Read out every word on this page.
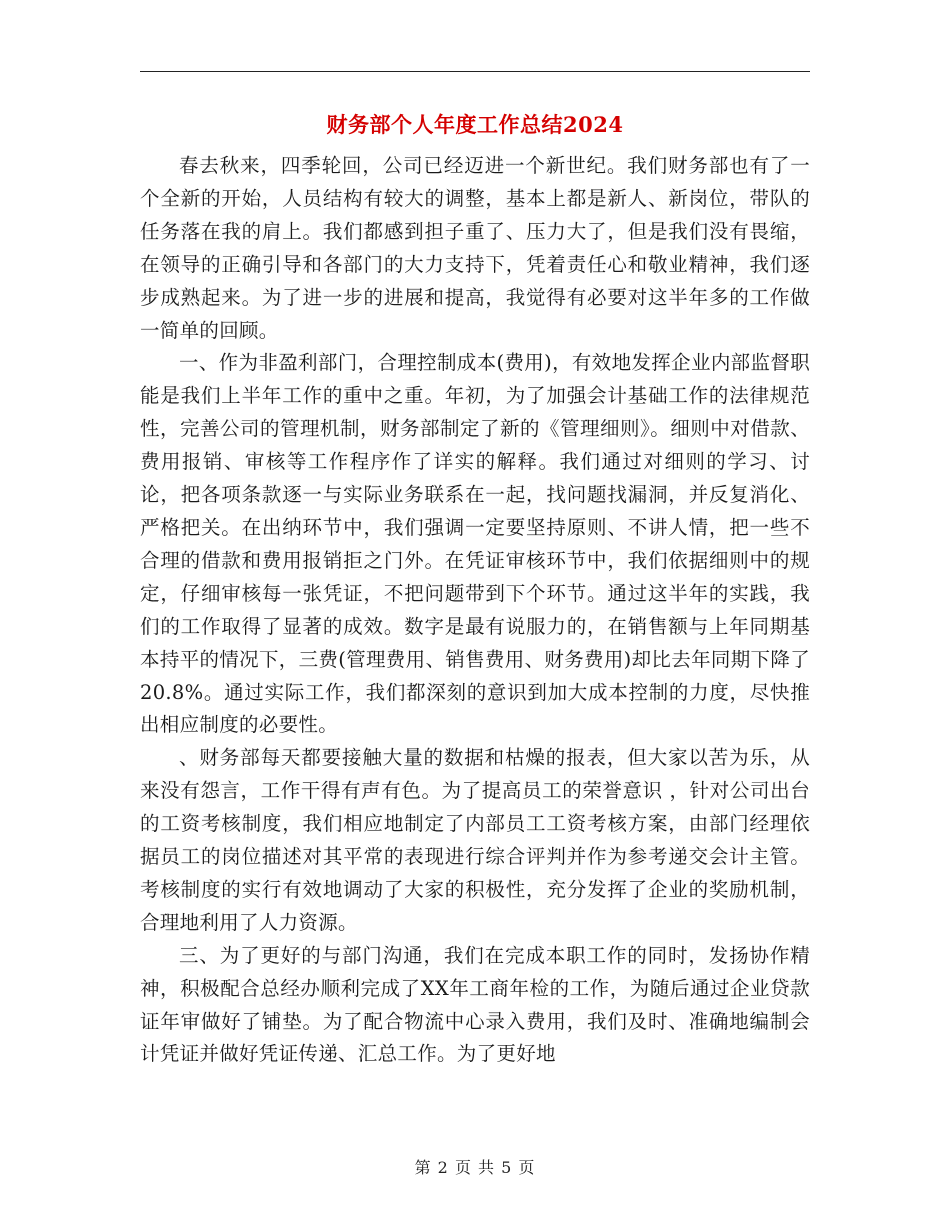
财务部个人年度工作总结2024

春去秋来，四季轮回，公司已经迈进一个新世纪。我们财务部也有了一个全新的开始，人员结构有较大的调整，基本上都是新人、新岗位，带队的任务落在我的肩上。我们都感到担子重了、压力大了，但是我们没有畏缩，在领导的正确引导和各部门的大力支持下，凭着责任心和敬业精神，我们逐步成熟起来。为了进一步的进展和提高，我觉得有必要对这半年多的工作做一简单的回顾。

一、作为非盈利部门，合理控制成本(费用)，有效地发挥企业内部监督职能是我们上半年工作的重中之重。年初，为了加强会计基础工作的法律规范性，完善公司的管理机制，财务部制定了新的《管理细则》。细则中对借款、费用报销、审核等工作程序作了详实的解释。我们通过对细则的学习、讨论，把各项条款逐一与实际业务联系在一起，找问题找漏洞，并反复消化、严格把关。在出纳环节中，我们强调一定要坚持原则、不讲人情，把一些不合理的借款和费用报销拒之门外。在凭证审核环节中，我们依据细则中的规定，仔细审核每一张凭证，不把问题带到下个环节。通过这半年的实践，我们的工作取得了显著的成效。数字是最有说服力的，在销售额与上年同期基本持平的情况下，三费(管理费用、销售费用、财务费用)却比去年同期下降了20.8%。通过实际工作，我们都深刻的意识到加大成本控制的力度，尽快推出相应制度的必要性。

、财务部每天都要接触大量的数据和枯燥的报表，但大家以苦为乐，从来没有怨言，工作干得有声有色。为了提高员工的荣誉意识 ，针对公司出台的工资考核制度，我们相应地制定了内部员工工资考核方案，由部门经理依据员工的岗位描述对其平常的表现进行综合评判并作为参考递交会计主管。考核制度的实行有效地调动了大家的积极性，充分发挥了企业的奖励机制，合理地利用了人力资源。

三、为了更好的与部门沟通，我们在完成本职工作的同时，发扬协作精神，积极配合总经办顺利完成了XX年工商年检的工作，为随后通过企业贷款证年审做好了铺垫。为了配合物流中心录入费用，我们及时、准确地编制会计凭证并做好凭证传递、汇总工作。为了更好地

第 2 页 共 5 页
